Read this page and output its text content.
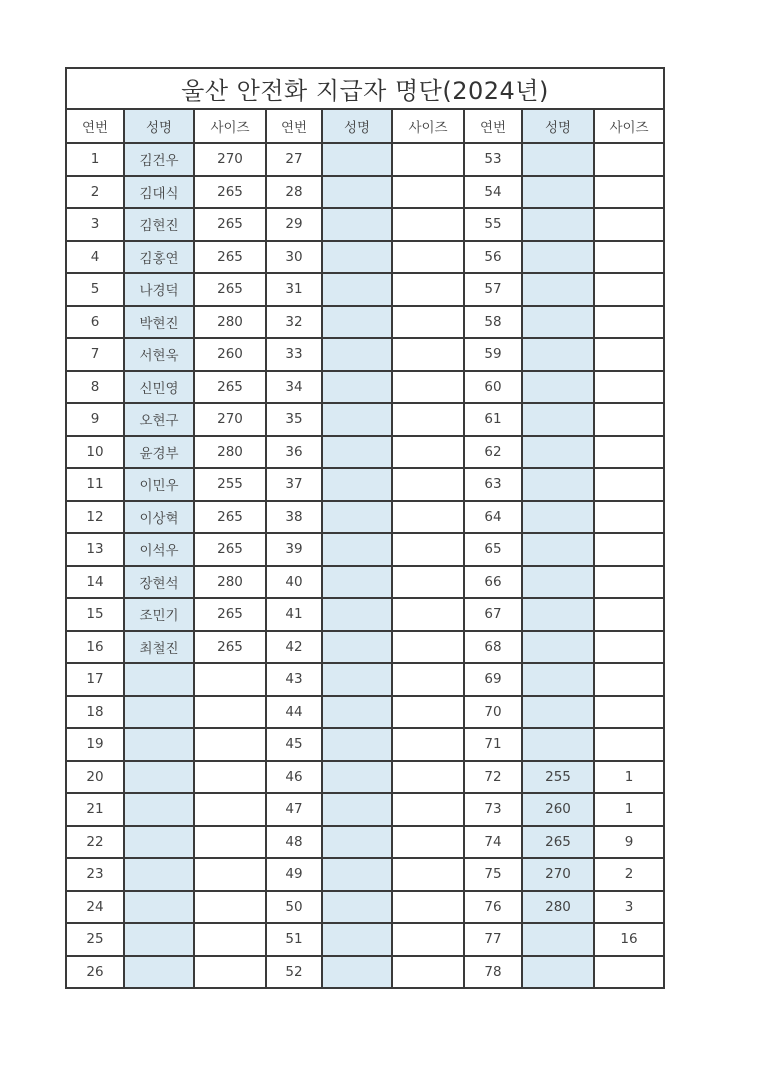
울산 안전화 지급자 명단(2024년)								
연번	성명	사이즈	연번	성명	사이즈	연번	성명	사이즈
1	김건우	270	27			53		
2	김대식	265	28			54		
3	김현진	265	29			55		
4	김홍연	265	30			56		
5	나경덕	265	31			57		
6	박현진	280	32			58		
7	서현욱	260	33			59		
8	신민영	265	34			60		
9	오현구	270	35			61		
10	윤경부	280	36			62		
11	이민우	255	37			63		
12	이상혁	265	38			64		
13	이석우	265	39			65		
14	장현석	280	40			66		
15	조민기	265	41			67		
16	최철진	265	42			68		
17			43			69		
18			44			70		
19			45			71		
20			46			72	255	1
21			47			73	260	1
22			48			74	265	9
23			49			75	270	2
24			50			76	280	3
25			51			77		16
26			52			78		
